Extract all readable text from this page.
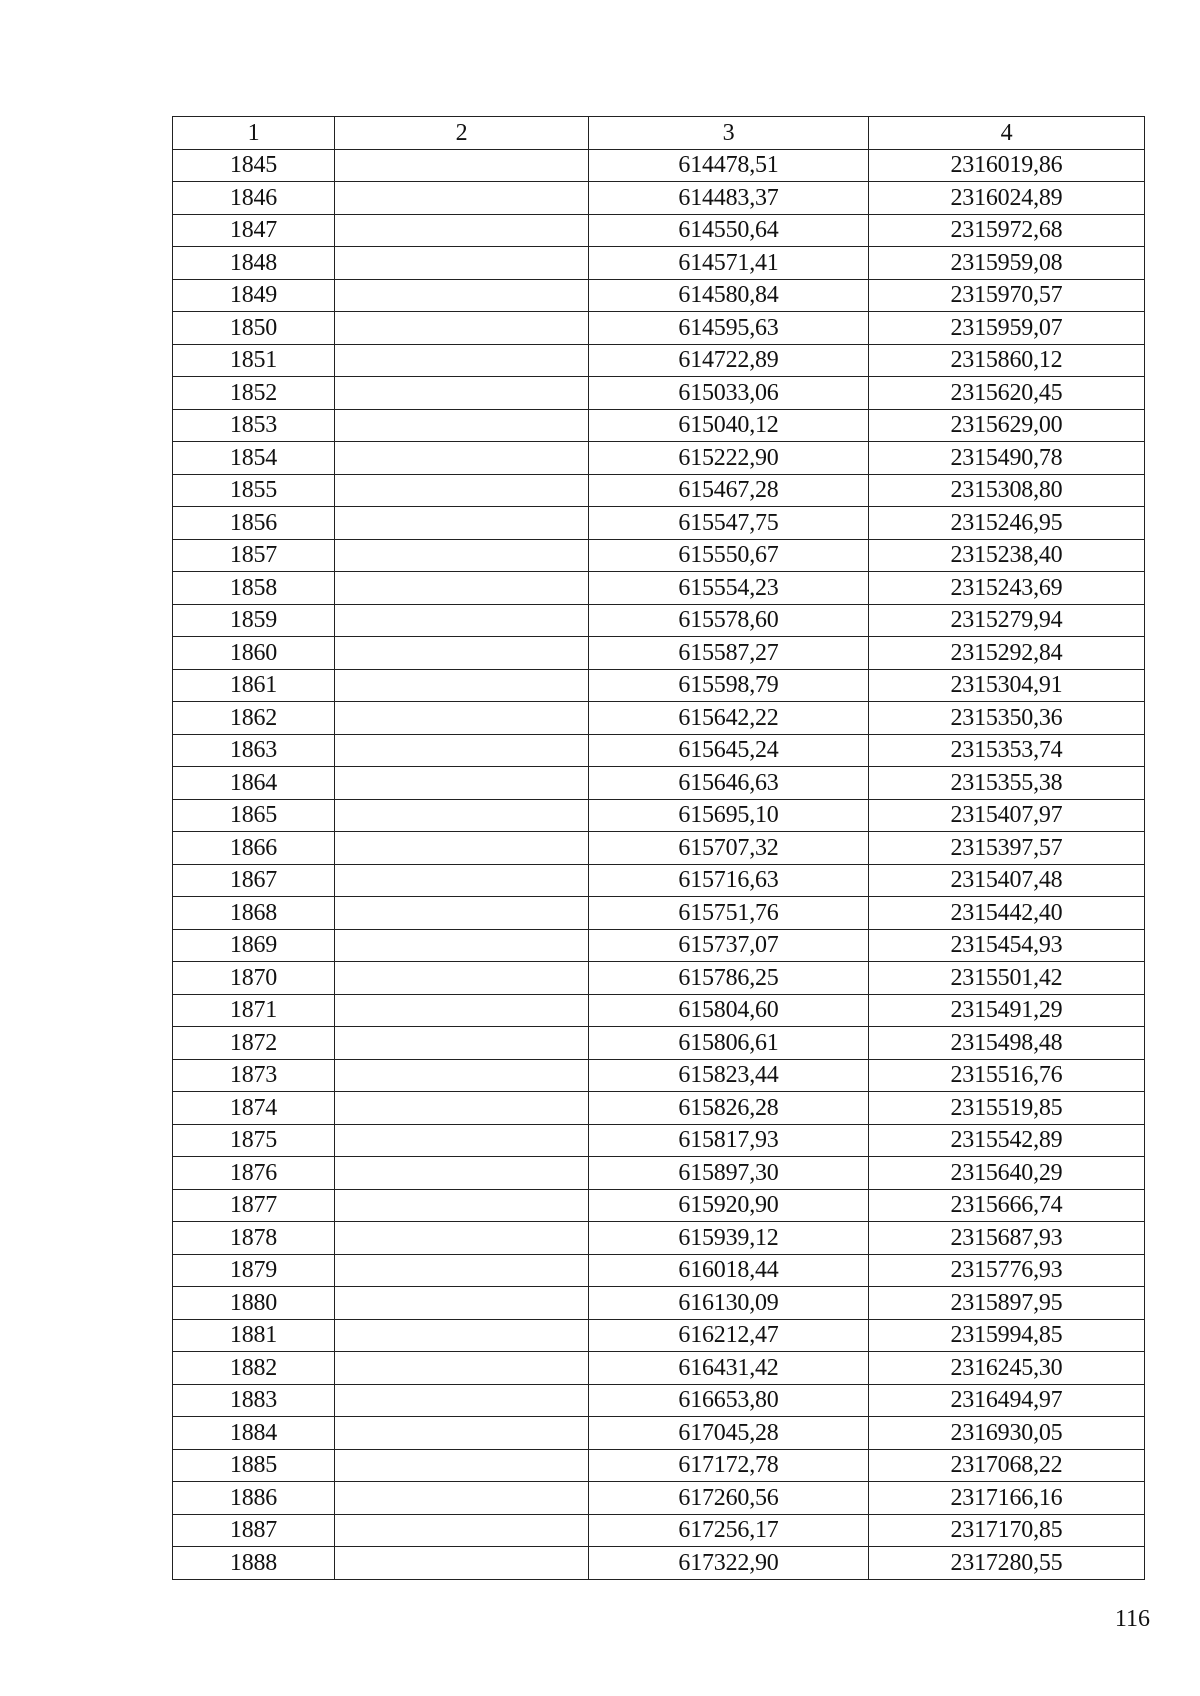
1	2	3	4
1845		614478,51	2316019,86
1846		614483,37	2316024,89
1847		614550,64	2315972,68
1848		614571,41	2315959,08
1849		614580,84	2315970,57
1850		614595,63	2315959,07
1851		614722,89	2315860,12
1852		615033,06	2315620,45
1853		615040,12	2315629,00
1854		615222,90	2315490,78
1855		615467,28	2315308,80
1856		615547,75	2315246,95
1857		615550,67	2315238,40
1858		615554,23	2315243,69
1859		615578,60	2315279,94
1860		615587,27	2315292,84
1861		615598,79	2315304,91
1862		615642,22	2315350,36
1863		615645,24	2315353,74
1864		615646,63	2315355,38
1865		615695,10	2315407,97
1866		615707,32	2315397,57
1867		615716,63	2315407,48
1868		615751,76	2315442,40
1869		615737,07	2315454,93
1870		615786,25	2315501,42
1871		615804,60	2315491,29
1872		615806,61	2315498,48
1873		615823,44	2315516,76
1874		615826,28	2315519,85
1875		615817,93	2315542,89
1876		615897,30	2315640,29
1877		615920,90	2315666,74
1878		615939,12	2315687,93
1879		616018,44	2315776,93
1880		616130,09	2315897,95
1881		616212,47	2315994,85
1882		616431,42	2316245,30
1883		616653,80	2316494,97
1884		617045,28	2316930,05
1885		617172,78	2317068,22
1886		617260,56	2317166,16
1887		617256,17	2317170,85
1888		617322,90	2317280,55
116
